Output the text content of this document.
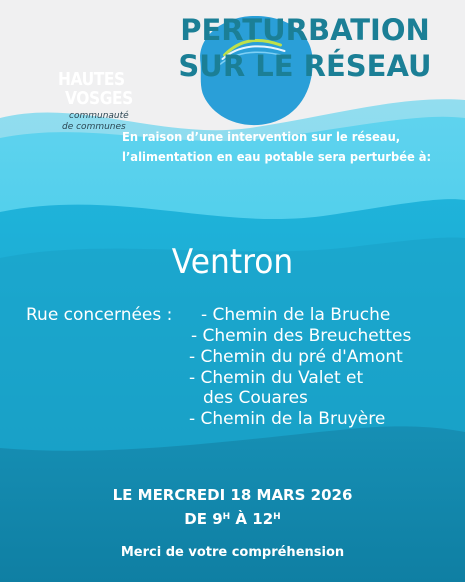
HAUTES
VOSGES
communauté
de communes
PERTURBATION
SUR LE RÉSEAU
En raison d’une intervention sur le réseau,
l’alimentation en eau potable sera perturbée à:
Ventron
Rue concernées : - Chemin de la Bruche
- Chemin des Breuchettes
- Chemin du pré d'Amont
- Chemin du Valet et
des Couares
- Chemin de la Bruyère
LE MERCREDI 18 MARS 2026
DE $9^H$ À $12^H$
Merci de votre compréhension
